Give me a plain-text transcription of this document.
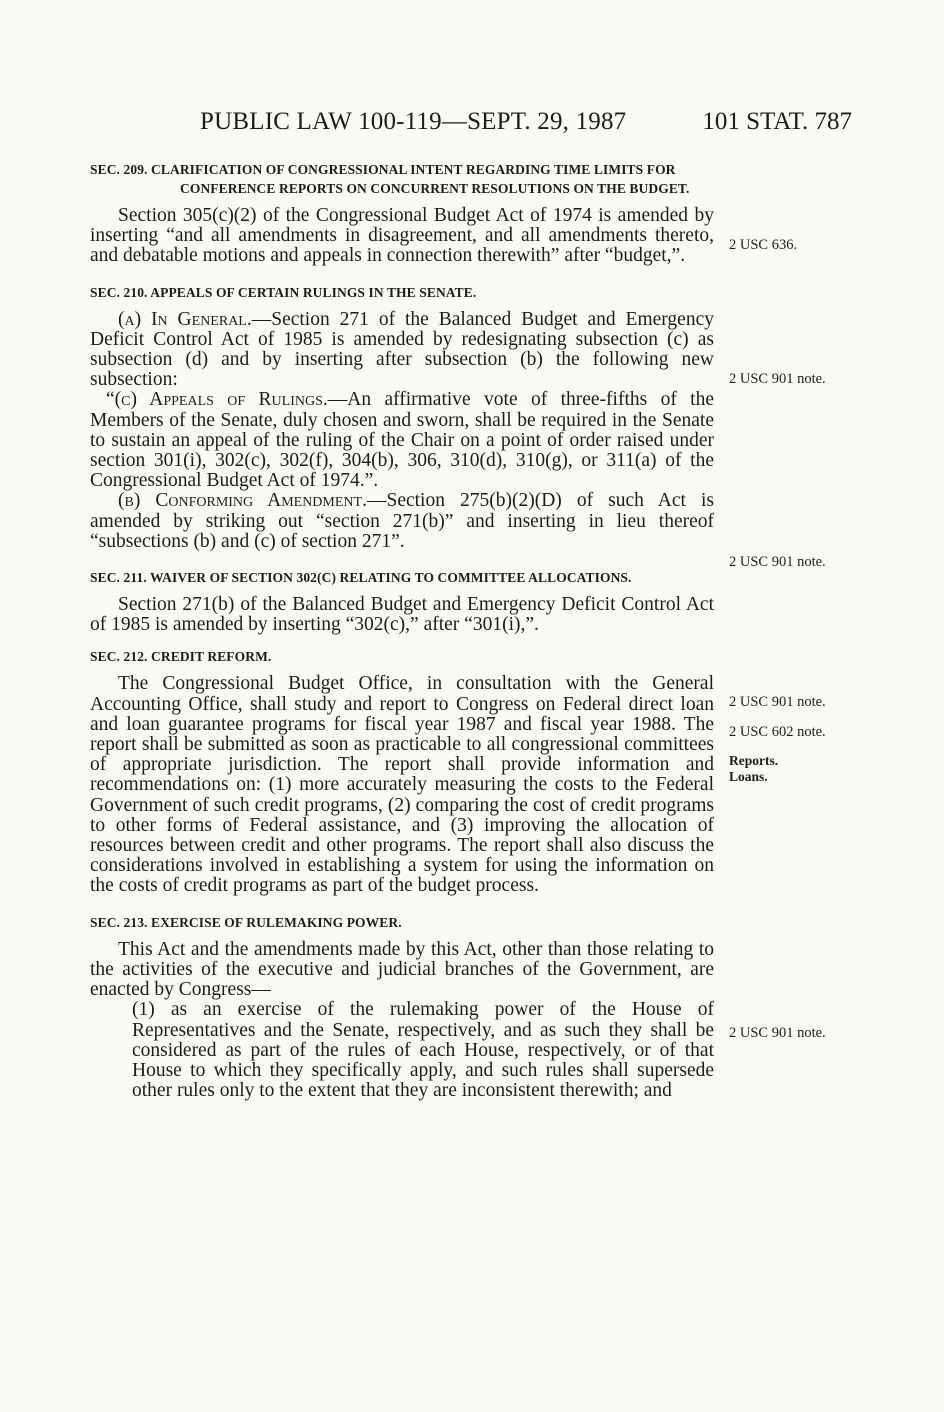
PUBLIC LAW 100-119—SEPT. 29, 1987	101 STAT. 787
SEC. 209. CLARIFICATION OF CONGRESSIONAL INTENT REGARDING TIME LIMITS FOR CONFERENCE REPORTS ON CONCURRENT RESOLUTIONS ON THE BUDGET.

Section 305(c)(2) of the Congressional Budget Act of 1974 is amended by inserting “and all amendments in disagreement, and all amendments thereto, and debatable motions and appeals in connection therewith” after “budget,”.

SEC. 210. APPEALS OF CERTAIN RULINGS IN THE SENATE.

(a) In General.—Section 271 of the Balanced Budget and Emergency Deficit Control Act of 1985 is amended by redesignating subsection (c) as subsection (d) and by inserting after subsection (b) the following new subsection:

“(c) Appeals of Rulings.—An affirmative vote of three-fifths of the Members of the Senate, duly chosen and sworn, shall be required in the Senate to sustain an appeal of the ruling of the Chair on a point of order raised under section 301(i), 302(c), 302(f), 304(b), 306, 310(d), 310(g), or 311(a) of the Congressional Budget Act of 1974.”.

(b) Conforming Amendment.—Section 275(b)(2)(D) of such Act is amended by striking out “section 271(b)” and inserting in lieu thereof “subsections (b) and (c) of section 271”.

SEC. 211. WAIVER OF SECTION 302(C) RELATING TO COMMITTEE ALLOCATIONS.

Section 271(b) of the Balanced Budget and Emergency Deficit Control Act of 1985 is amended by inserting “302(c),” after “301(i),”.

SEC. 212. CREDIT REFORM.

The Congressional Budget Office, in consultation with the General Accounting Office, shall study and report to Congress on Federal direct loan and loan guarantee programs for fiscal year 1987 and fiscal year 1988. The report shall be submitted as soon as practicable to all congressional committees of appropriate jurisdiction. The report shall provide information and recommendations on: (1) more accurately measuring the costs to the Federal Government of such credit programs, (2) comparing the cost of credit programs to other forms of Federal assistance, and (3) improving the allocation of resources between credit and other programs. The report shall also discuss the considerations involved in establishing a system for using the information on the costs of credit programs as part of the budget process.

SEC. 213. EXERCISE OF RULEMAKING POWER.

This Act and the amendments made by this Act, other than those relating to the activities of the executive and judicial branches of the Government, are enacted by Congress—

(1) as an exercise of the rulemaking power of the House of Representatives and the Senate, respectively, and as such they shall be considered as part of the rules of each House, respectively, or of that House to which they specifically apply, and such rules shall supersede other rules only to the extent that they are inconsistent therewith; and

2 USC 636.
2 USC 901 note.
2 USC 901 note.
2 USC 901 note.
2 USC 602 note.
Reports.
Loans.
2 USC 901 note.
